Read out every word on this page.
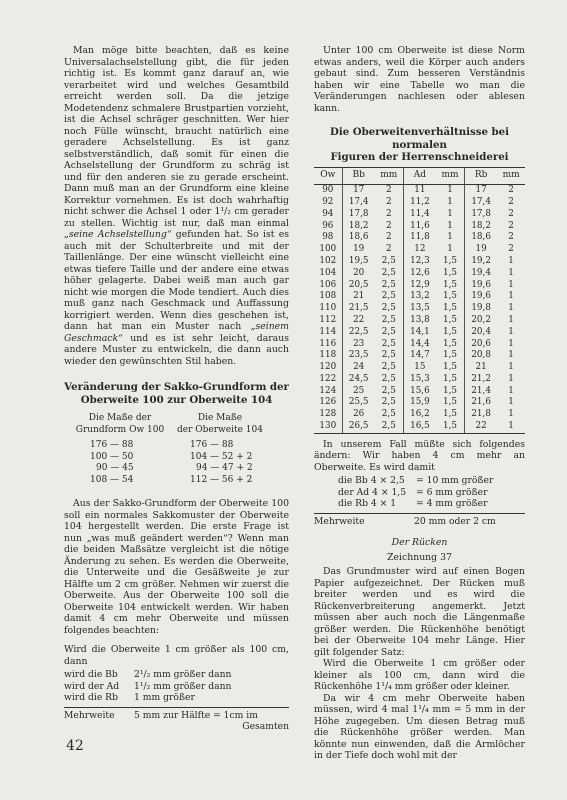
Man möge bitte beachten, daß es keine Universalachselstellung gibt, die für jeden richtig ist. Es kommt ganz darauf an, wie verarbeitet wird und welches Gesamtbild erreicht werden soll. Da die jetzige Modetendenz schmalere Brustpartien vorzieht, ist die Achsel schräger geschnitten. Wer hier noch Fülle wünscht, braucht natürlich eine geradere Achselstellung. Es ist ganz selbstverständlich, daß somit für einen die Achselstellung der Grundform zu schräg ist und für den anderen sie zu gerade erscheint. Dann muß man an der Grundform eine kleine Korrektur vornehmen. Es ist doch wahrhaftig nicht schwer die Achsel 1 oder 1¹/₂ cm gerader zu stellen. Wichtig ist nur, daß man einmal „seine Achselstellung“ gefunden hat. So ist es auch mit der Schulterbreite und mit der Taillenlänge. Der eine wünscht vielleicht eine etwas tiefere Taille und der andere eine etwas höher gelagerte. Dabei weiß man auch gar nicht wie morgen die Mode tendiert. Auch dies muß ganz nach Geschmack und Auffassung korrigiert werden. Wenn dies geschehen ist, dann hat man ein Muster nach „seinem Geschmack“ und es ist sehr leicht, daraus andere Muster zu entwickeln, die dann auch wieder den gewünschten Stil haben.

Veränderung der Sakko-Grundform der
Oberweite 100 zur Oberweite 104
Die Maße der	Die Maße
Grundform Ow 100	der Oberweite 104
176 — 88	176 — 88
100 — 50	104 — 52 + 2
90 — 45	94 — 47 + 2
108 — 54	112 — 56 + 2

Aus der Sakko-Grundform der Oberweite 100 soll ein normales Sakkomuster der Oberweite 104 hergestellt werden. Die erste Frage ist nun „was muß geändert werden“? Wenn man die beiden Maßsätze vergleicht ist die nötige Änderung zu sehen. Es werden die Oberweite, die Unterweite und die Gesäßweite je zur Hälfte um 2 cm größer. Nehmen wir zuerst die Oberweite. Aus der Oberweite 100 soll die Oberweite 104 entwickelt werden. Wir haben damit 4 cm mehr Oberweite und müssen folgendes beachten:

Wird die Oberweite 1 cm größer als 100 cm, dann

wird die Bb	2¹/₂ mm größer dann
wird der Ad	1¹/₂ mm größer dann
wird die Rb	1 mm größer
Mehrweite	5 mm zur Hälfte = 1cm im
	Gesamten

Unter 100 cm Oberweite ist diese Norm etwas anders, weil die Körper auch anders gebaut sind. Zum besseren Verständnis haben wir eine Tabelle wo man die Veränderungen nachlesen oder ablesen kann.

Die Oberweitenverhältnisse bei normalen
Figuren der Herrenschneiderei
Ow	Bb	mm	Ad	mm	Rb	mm
90	17	2	11	1	17	2
92	17,4	2	11,2	1	17,4	2
94	17,8	2	11,4	1	17,8	2
96	18,2	2	11,6	1	18,2	2
98	18,6	2	11,8	1	18,6	2
100	19	2	12	1	19	2
102	19,5	2,5	12,3	1,5	19,2	1
104	20	2,5	12,6	1,5	19,4	1
106	20,5	2,5	12,9	1,5	19,6	1
108	21	2,5	13,2	1,5	19,6	1
110	21,5	2,5	13,5	1,5	19,8	1
112	22	2,5	13,8	1,5	20,2	1
114	22,5	2,5	14,1	1,5	20,4	1
116	23	2,5	14,4	1,5	20,6	1
118	23,5	2,5	14,7	1,5	20,8	1
120	24	2,5	15	1,5	21	1
122	24,5	2,5	15,3	1,5	21,2	1
124	25	2,5	15,6	1,5	21,4	1
126	25,5	2,5	15,9	1,5	21,6	1
128	26	2,5	16,2	1,5	21,8	1
130	26,5	2,5	16,5	1,5	22	1

In unserem Fall müßte sich folgendes ändern: Wir haben 4 cm mehr an Oberweite. Es wird damit

die Bb 4 × 2,5	= 10 mm größer
der Ad 4 × 1,5	= 6 mm größer
die Rb 4 × 1	= 4 mm größer
Mehrweite	20 mm oder 2 cm
Der Rücken
Zeichnung 37

Das Grundmuster wird auf einen Bogen Papier aufgezeichnet. Der Rücken muß breiter werden und es wird die Rückenverbreiterung angemerkt. Jetzt müssen aber auch noch die Längenmaße größer werden. Die Rückenhöhe benötigt bei der Oberweite 104 mehr Länge. Hier gilt folgender Satz:

Wird die Oberweite 1 cm größer oder kleiner als 100 cm, dann wird die Rückenhöhe 1¹/₄ mm größer oder kleiner.

Da wir 4 cm mehr Oberweite haben müssen, wird 4 mal 1¹/₄ mm = 5 mm in der Höhe zugegeben. Um diesen Betrag muß die Rückenhöhe größer werden. Man könnte nun einwenden, daß die Armlöcher in der Tiefe doch wohl mit der

42
